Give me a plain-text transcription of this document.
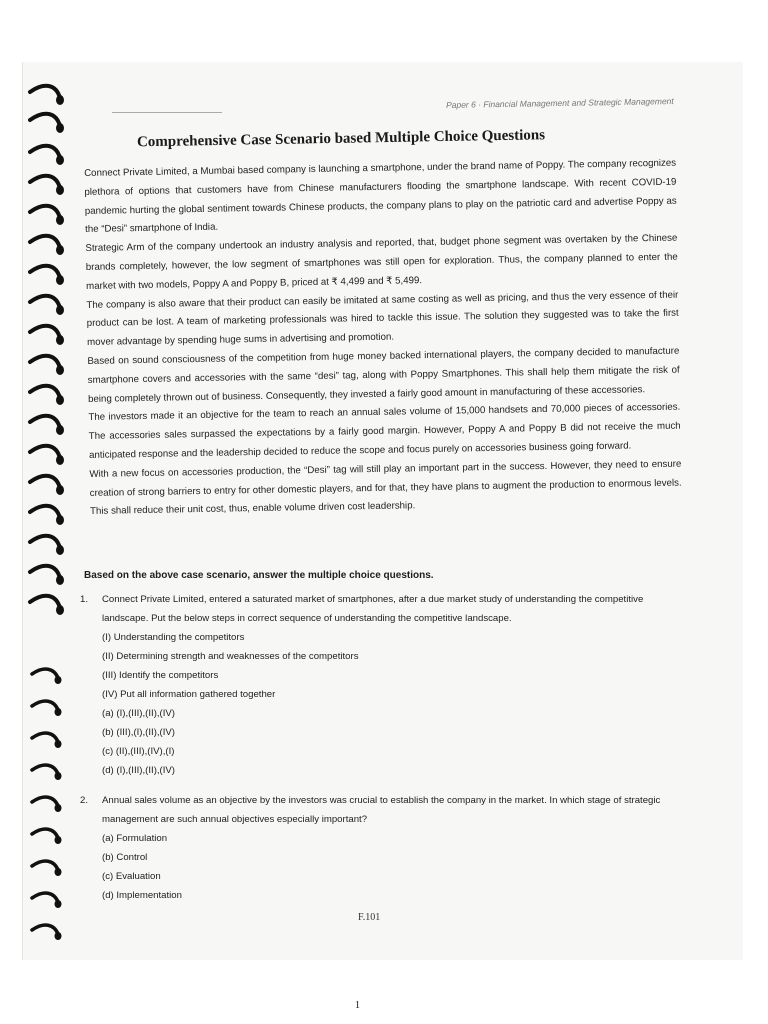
Paper 6 · Financial Management and Strategic Management
Comprehensive Case Scenario based Multiple Choice Questions

Connect Private Limited, a Mumbai based company is launching a smartphone, under the brand name of Poppy. The company recognizes plethora of options that customers have from Chinese manufacturers flooding the smartphone landscape. With recent COVID-19 pandemic hurting the global sentiment towards Chinese products, the company plans to play on the patriotic card and advertise Poppy as the “Desi” smartphone of India.

Strategic Arm of the company undertook an industry analysis and reported, that, budget phone segment was overtaken by the Chinese brands completely, however, the low segment of smartphones was still open for exploration. Thus, the company planned to enter the market with two models, Poppy A and Poppy B, priced at ₹ 4,499 and ₹ 5,499.

The company is also aware that their product can easily be imitated at same costing as well as pricing, and thus the very essence of their product can be lost. A team of marketing professionals was hired to tackle this issue. The solution they suggested was to take the first mover advantage by spending huge sums in advertising and promotion.

Based on sound consciousness of the competition from huge money backed international players, the company decided to manufacture smartphone covers and accessories with the same “desi” tag, along with Poppy Smartphones. This shall help them mitigate the risk of being completely thrown out of business. Consequently, they invested a fairly good amount in manufacturing of these accessories.

The investors made it an objective for the team to reach an annual sales volume of 15,000 handsets and 70,000 pieces of accessories. The accessories sales surpassed the expectations by a fairly good margin. However, Poppy A and Poppy B did not receive the much anticipated response and the leadership decided to reduce the scope and focus purely on accessories business going forward.

With a new focus on accessories production, the “Desi” tag will still play an important part in the success. However, they need to ensure creation of strong barriers to entry for other domestic players, and for that, they have plans to augment the production to enormous levels. This shall reduce their unit cost, thus, enable volume driven cost leadership.

Based on the above case scenario, answer the multiple choice questions.
1.	Connect Private Limited, entered a saturated market of smartphones, after a due market study of understanding the competitive landscape. Put the below steps in correct sequence of understanding the competitive landscape.
(I) Understanding the competitors
(II) Determining strength and weaknesses of the competitors
(III) Identify the competitors
(IV) Put all information gathered together
(a) (I),(III),(II),(IV)
(b) (III),(I),(II),(IV)
(c) (II),(III),(IV),(I)
(d) (I),(III),(II),(IV)
2.	Annual sales volume as an objective by the investors was crucial to establish the company in the market. In which stage of strategic management are such annual objectives especially important?
(a) Formulation
(b) Control
(c) Evaluation
(d) Implementation
F.101
1
